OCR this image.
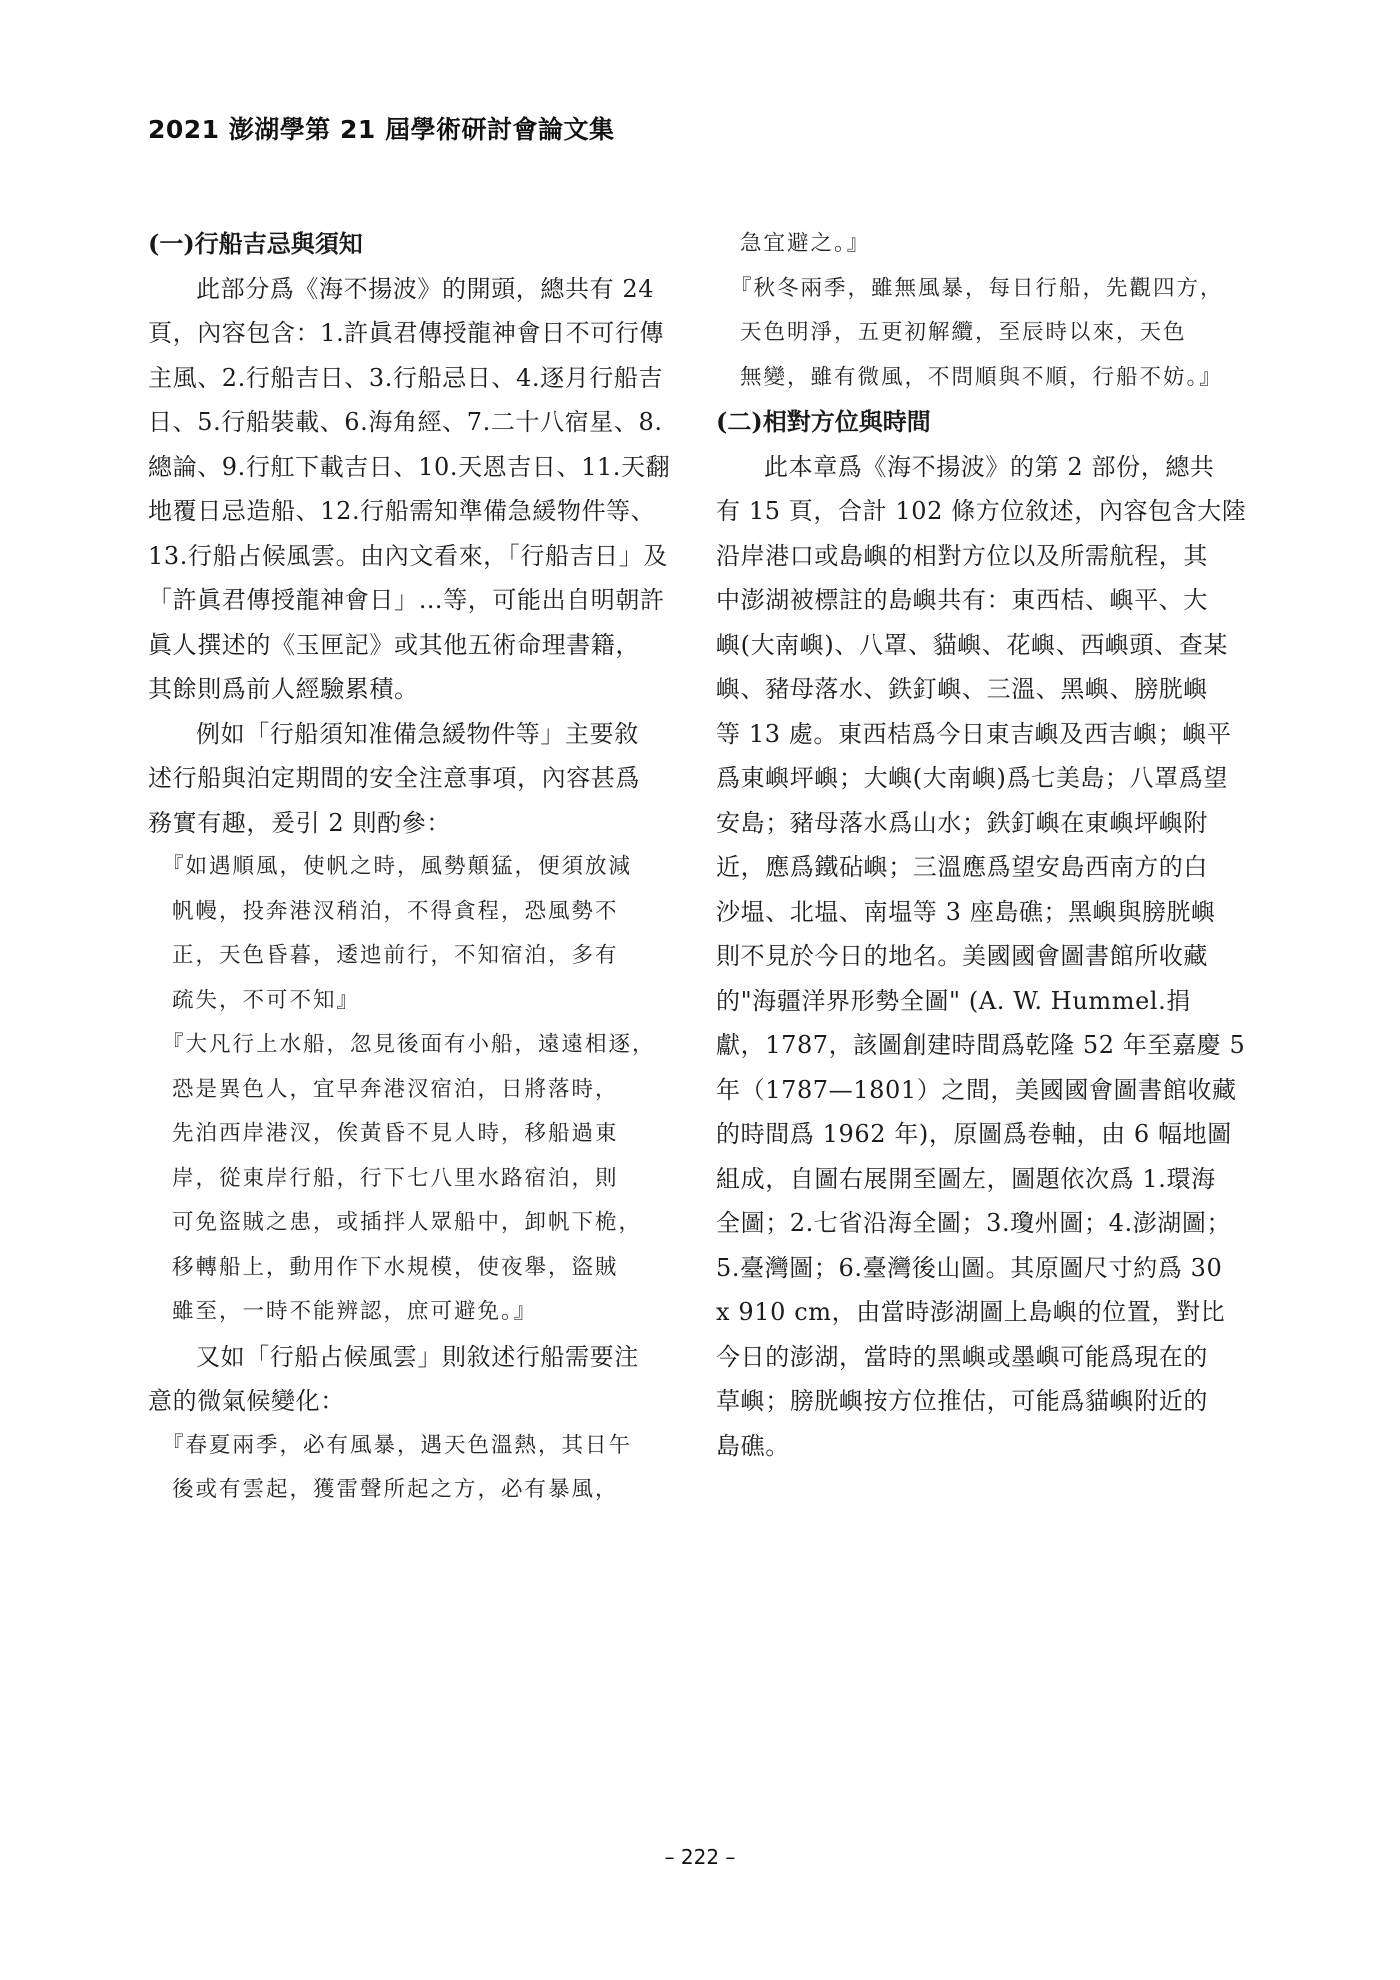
2021 澎湖學第 21 屆學術研討會論文集
(一)行船吉忌與須知
此部分爲《海不揚波》的開頭，總共有 24
頁，內容包含：1.許眞君傳授龍神會日不可行傳
主風、2.行船吉日、3.行船忌日、4.逐月行船吉
日、5.行船裝載、6.海角經、7.二十八宿星、8.
總論、9.行舡下載吉日、10.天恩吉日、11.天翻
地覆日忌造船、12.行船需知準備急緩物件等、
13.行船占候風雲。由內文看來，「行船吉日」及
「許眞君傳授龍神會日」…等，可能出自明朝許
眞人撰述的《玉匣記》或其他五術命理書籍，
其餘則爲前人經驗累積。
例如「行船須知准備急緩物件等」主要敘
述行船與泊定期間的安全注意事項，內容甚爲
務實有趣，爰引 2 則酌參：
『如遇順風，使帆之時，風勢顛猛，便須放減
帆幔，投奔港汊稍泊，不得貪程，恐風勢不
正，天色昏暮，逶迆前行，不知宿泊，多有
疏失，不可不知』
『大凡行上水船，忽見後面有小船，遠遠相逐，
恐是異色人，宜早奔港汊宿泊，日將落時，
先泊西岸港汊，俟黃昏不見人時，移船過東
岸，從東岸行船，行下七八里水路宿泊，則
可免盜賊之患，或插拌人眾船中，卸帆下桅，
移轉船上，動用作下水規模，使夜舉，盜賊
雖至，一時不能辨認，庶可避免。』
又如「行船占候風雲」則敘述行船需要注
意的微氣候變化：
『春夏兩季，必有風暴，遇天色溫熱，其日午
後或有雲起，獲雷聲所起之方，必有暴風，
急宜避之。』
『秋冬兩季，雖無風暴，每日行船，先觀四方，
天色明淨，五更初解纜，至辰時以來，天色
無變，雖有微風，不問順與不順，行船不妨。』
(二)相對方位與時間
此本章爲《海不揚波》的第 2 部份，總共
有 15 頁，合計 102 條方位敘述，內容包含大陸
沿岸港口或島嶼的相對方位以及所需航程，其
中澎湖被標註的島嶼共有：東西桔、嶼平、大
嶼(大南嶼)、八罩、貓嶼、花嶼、西嶼頭、查某
嶼、豬母落水、鉄釘嶼、三溫、黑嶼、膀胱嶼
等 13 處。東西桔爲今日東吉嶼及西吉嶼；嶼平
爲東嶼坪嶼；大嶼(大南嶼)爲七美島；八罩爲望
安島；豬母落水爲山水；鉄釘嶼在東嶼坪嶼附
近，應爲鐵砧嶼；三溫應爲望安島西南方的白
沙塭、北塭、南塭等 3 座島礁；黑嶼與膀胱嶼
則不見於今日的地名。美國國會圖書館所收藏
的"海疆洋界形勢全圖" (A. W. Hummel.捐
獻，1787，該圖創建時間爲乾隆 52 年至嘉慶 5
年（1787—1801）之間，美國國會圖書館收藏
的時間爲 1962 年)，原圖爲卷軸，由 6 幅地圖
組成，自圖右展開至圖左，圖題依次爲 1.環海
全圖；2.七省沿海全圖；3.瓊州圖；4.澎湖圖；
5.臺灣圖；6.臺灣後山圖。其原圖尺寸約爲 30
x 910 cm，由當時澎湖圖上島嶼的位置，對比
今日的澎湖，當時的黑嶼或墨嶼可能爲現在的
草嶼；膀胱嶼按方位推估，可能爲貓嶼附近的
島礁。
– 222 –
